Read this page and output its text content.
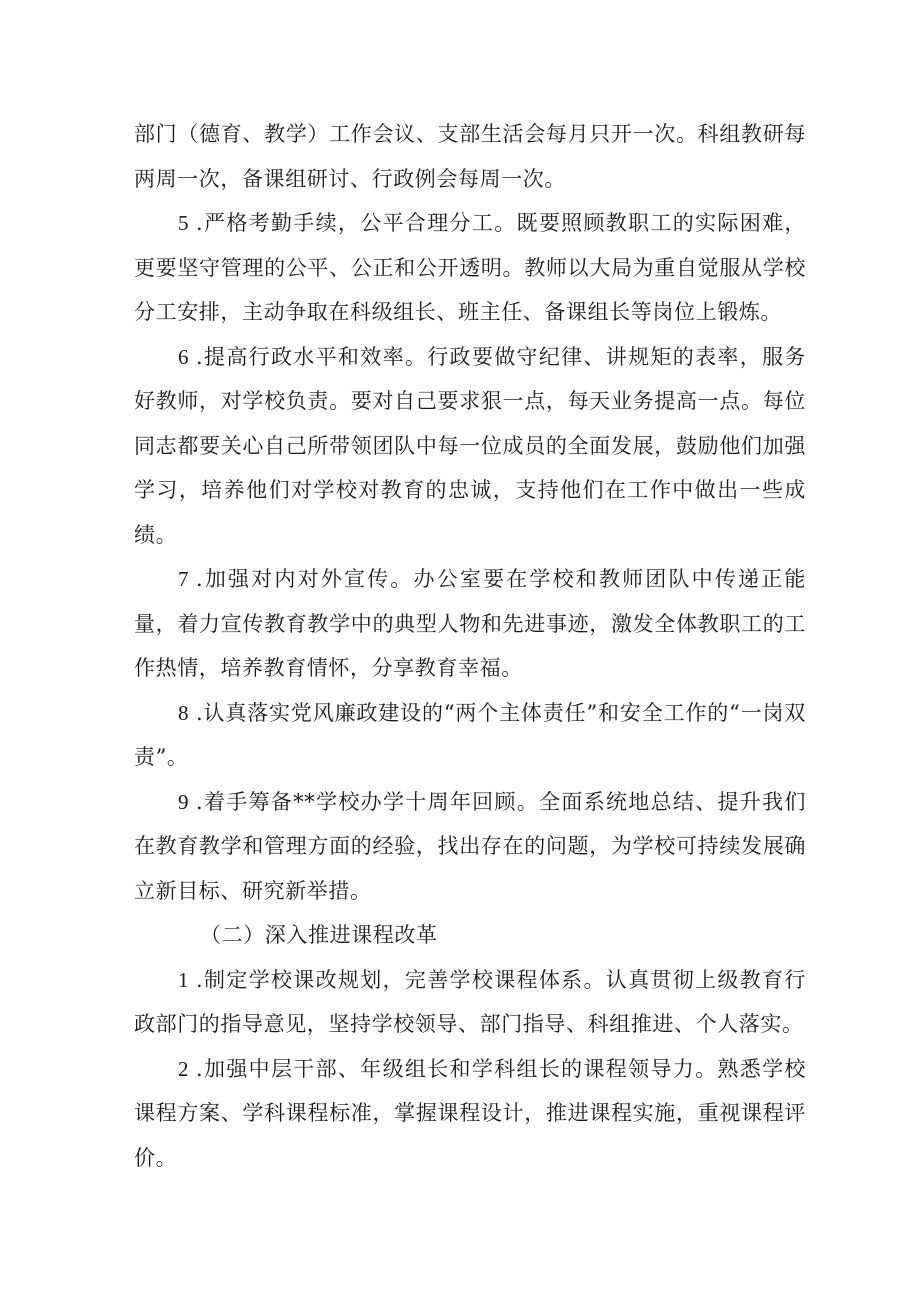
部门（德育、教学）工作会议、支部生活会每月只开一次。科组教研每两周一次，备课组研讨、行政例会每周一次。

5 .严格考勤手续，公平合理分工。既要照顾教职工的实际困难，更要坚守管理的公平、公正和公开透明。教师以大局为重自觉服从学校分工安排，主动争取在科级组长、班主任、备课组长等岗位上锻炼。

6 .提高行政水平和效率。行政要做守纪律、讲规矩的表率，服务好教师，对学校负责。要对自己要求狠一点，每天业务提高一点。每位同志都要关心自己所带领团队中每一位成员的全面发展，鼓励他们加强学习，培养他们对学校对教育的忠诚，支持他们在工作中做出一些成绩。

7 .加强对内对外宣传。办公室要在学校和教师团队中传递正能量，着力宣传教育教学中的典型人物和先进事迹，激发全体教职工的工作热情，培养教育情怀，分享教育幸福。

8 .认真落实党风廉政建设的“两个主体责任”和安全工作的“一岗双责”。

9 .着手筹备**学校办学十周年回顾。全面系统地总结、提升我们在教育教学和管理方面的经验，找出存在的问题，为学校可持续发展确立新目标、研究新举措。

（二）深入推进课程改革

1 .制定学校课改规划，完善学校课程体系。认真贯彻上级教育行政部门的指导意见，坚持学校领导、部门指导、科组推进、个人落实。

2 .加强中层干部、年级组长和学科组长的课程领导力。熟悉学校课程方案、学科课程标准，掌握课程设计，推进课程实施，重视课程评价。
